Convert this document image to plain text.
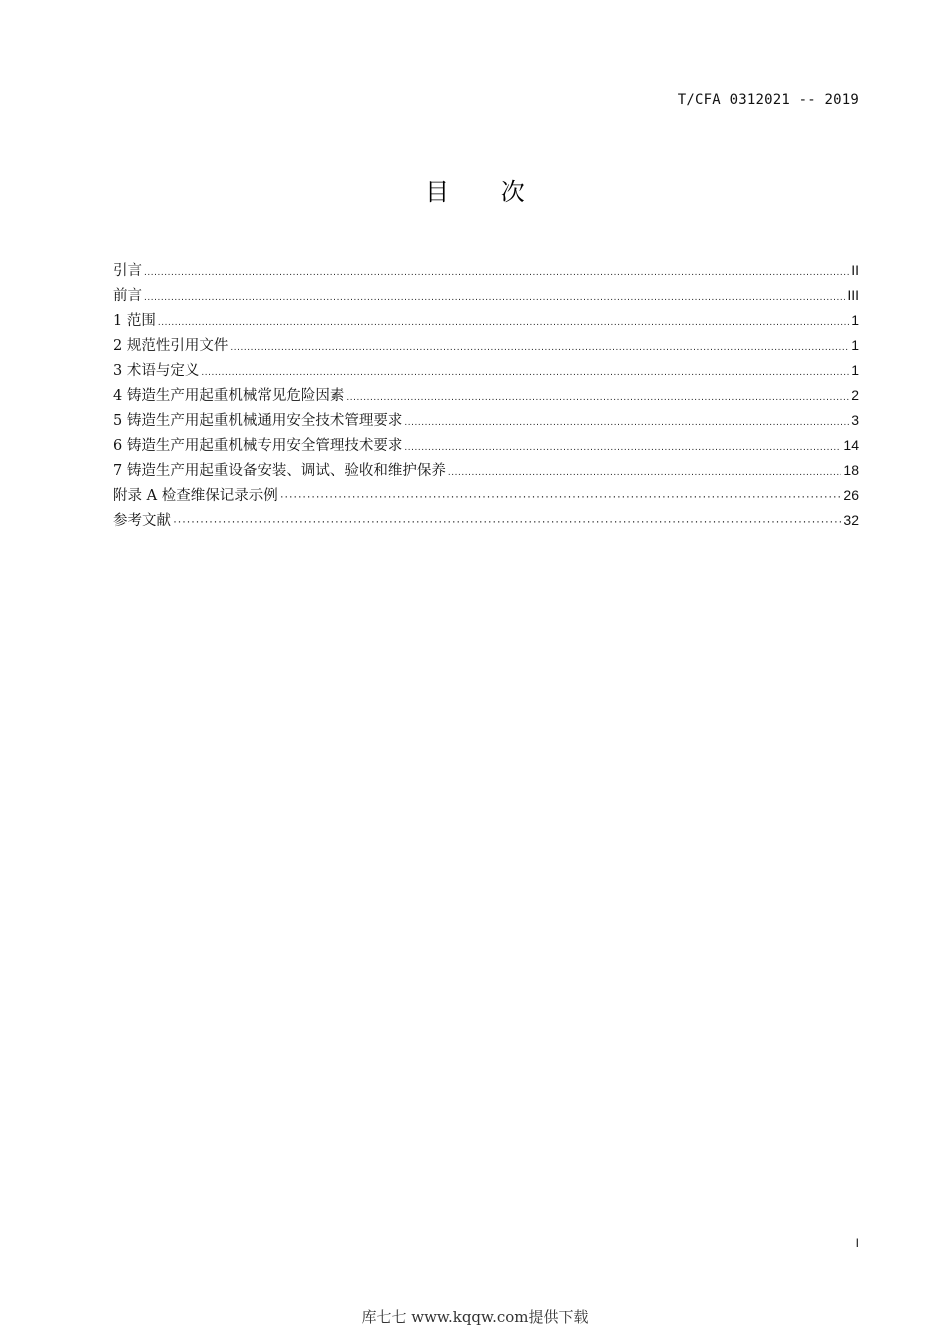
T/CFA 0312021 -- 2019
目 次
引言 .....	II
前言 .....	III
1 范围 .....	1
2 规范性引用文件 .....	1
3 术语与定义 .....	1
4 铸造生产用起重机械常见危险因素 .....	2
5 铸造生产用起重机械通用安全技术管理要求 .....	3
6 铸造生产用起重机械专用安全管理技术要求 .....	14
7 铸造生产用起重设备安装、调试、验收和维护保养 .....	18
附录 A 检查维保记录示例 ·····	26
参考文献 ·····	32
I
库七七 www.kqqw.com提供下载
